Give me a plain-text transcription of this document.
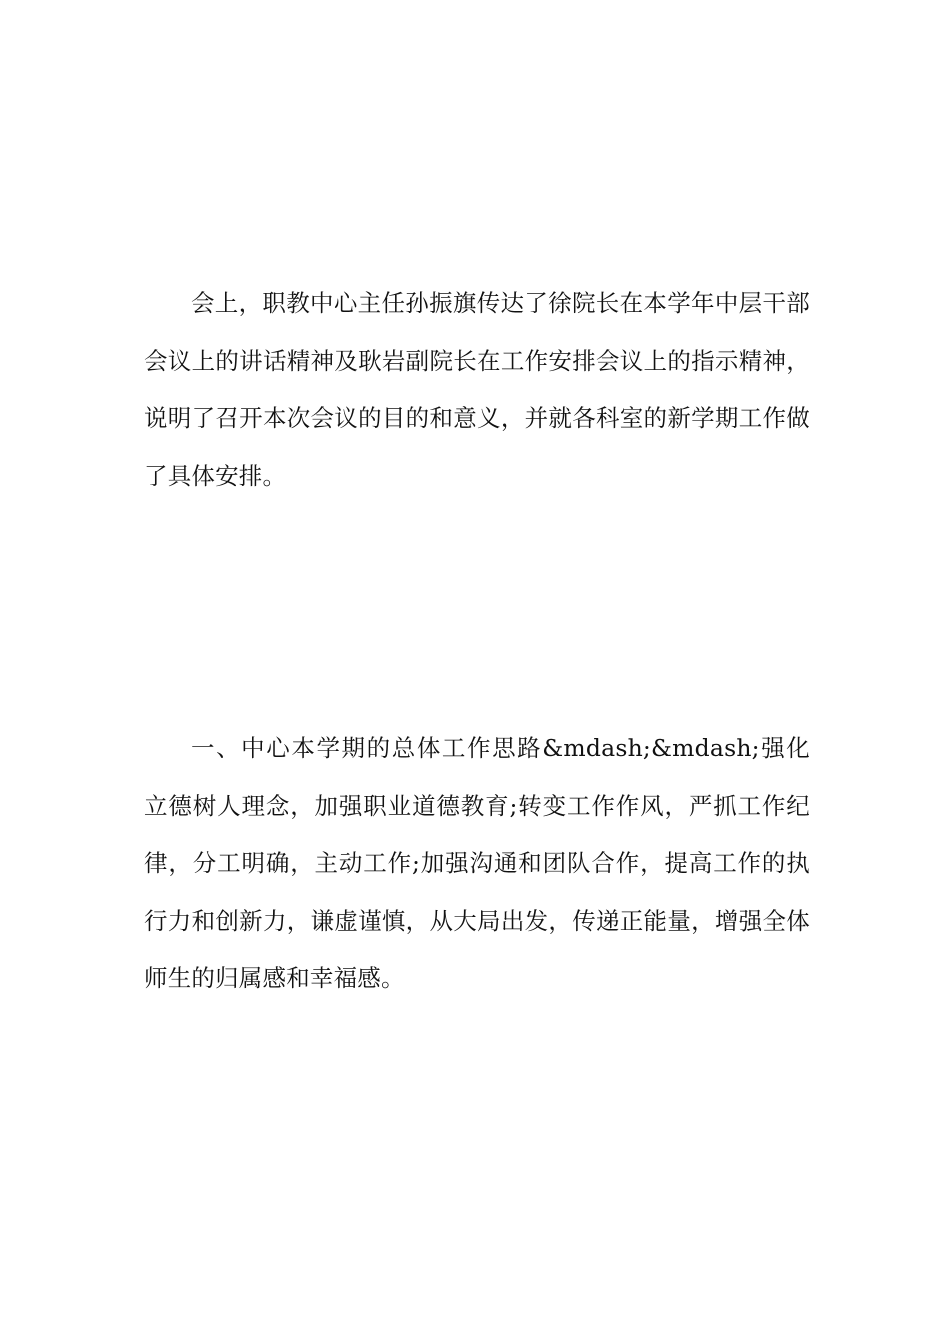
会上，职教中心主任孙振旗传达了徐院长在本学年中层干部会议上的讲话精神及耿岩副院长在工作安排会议上的指示精神，说明了召开本次会议的目的和意义，并就各科室的新学期工作做了具体安排。

一、中心本学期的总体工作思路&mdash;&mdash;强化立德树人理念，加强职业道德教育;转变工作作风，严抓工作纪律，分工明确，主动工作;加强沟通和团队合作，提高工作的执行力和创新力，谦虚谨慎，从大局出发，传递正能量，增强全体师生的归属感和幸福感。
